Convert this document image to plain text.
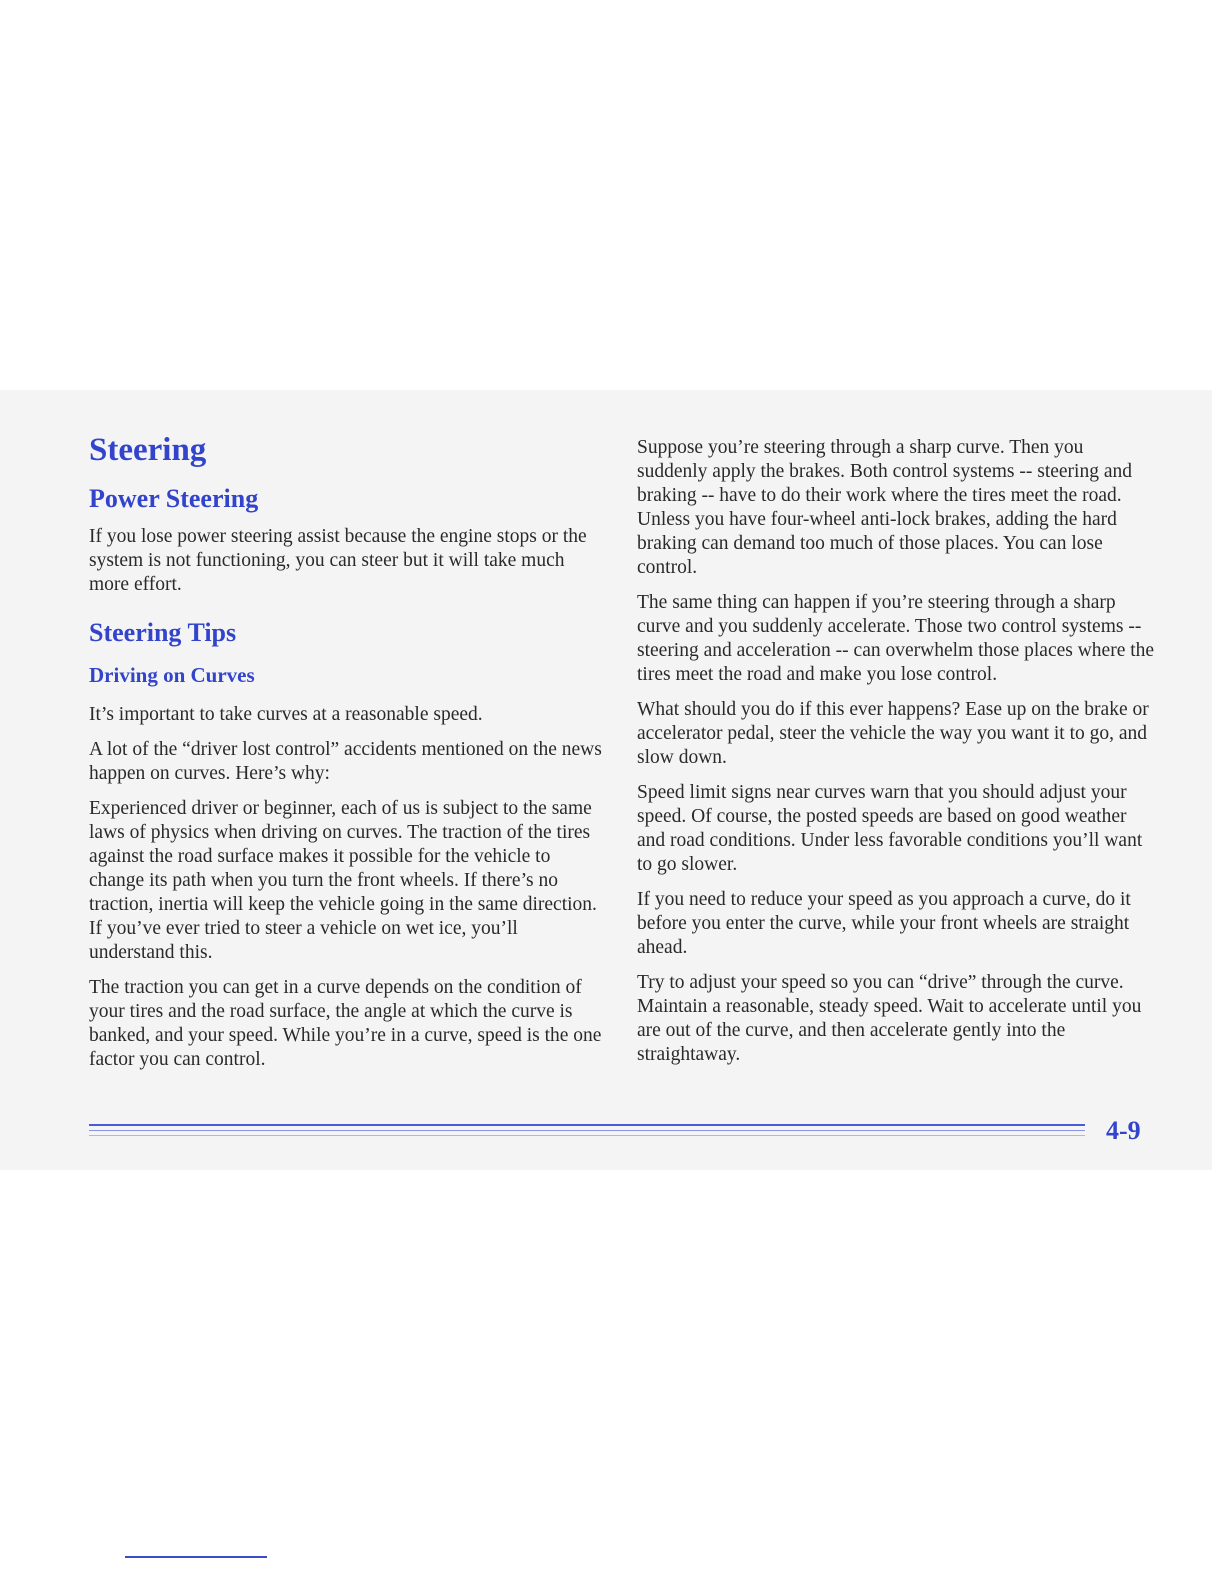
Steering
Power Steering

If you lose power steering assist because the engine stops or the system is not functioning, you can steer but it will take much more effort.

Steering Tips
Driving on Curves

It’s important to take curves at a reasonable speed.

A lot of the “driver lost control” accidents mentioned on the news happen on curves. Here’s why:

Experienced driver or beginner, each of us is subject to the same laws of physics when driving on curves. The traction of the tires against the road surface makes it possible for the vehicle to change its path when you turn the front wheels. If there’s no traction, inertia will keep the vehicle going in the same direction. If you’ve ever tried to steer a vehicle on wet ice, you’ll understand this.

The traction you can get in a curve depends on the condition of your tires and the road surface, the angle at which the curve is banked, and your speed. While you’re in a curve, speed is the one factor you can control.

Suppose you’re steering through a sharp curve. Then you suddenly apply the brakes. Both control systems -- steering and braking -- have to do their work where the tires meet the road. Unless you have four-wheel anti-lock brakes, adding the hard braking can demand too much of those places. You can lose control.

The same thing can happen if you’re steering through a sharp curve and you suddenly accelerate. Those two control systems -- steering and acceleration -- can overwhelm those places where the tires meet the road and make you lose control.

What should you do if this ever happens? Ease up on the brake or accelerator pedal, steer the vehicle the way you want it to go, and slow down.

Speed limit signs near curves warn that you should adjust your speed. Of course, the posted speeds are based on good weather and road conditions. Under less favorable conditions you’ll want to go slower.

If you need to reduce your speed as you approach a curve, do it before you enter the curve, while your front wheels are straight ahead.

Try to adjust your speed so you can “drive” through the curve. Maintain a reasonable, steady speed. Wait to accelerate until you are out of the curve, and then accelerate gently into the straightaway.

4-9
